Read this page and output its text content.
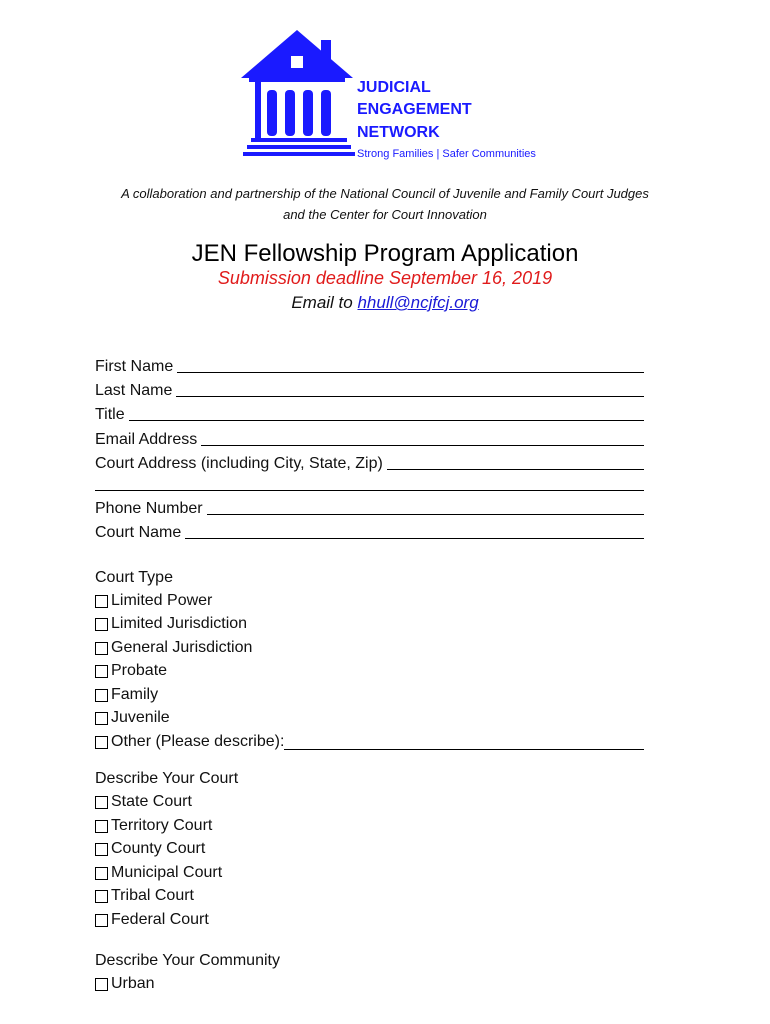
JUDICIAL
ENGAGEMENT
NETWORK
Strong Families | Safer Communities
A collaboration and partnership of the National Council of Juvenile and Family Court Judges
and the Center for Court Innovation
JEN Fellowship Program Application
Submission deadline September 16, 2019
Email to hhull@ncjfcj.org
First Name
Last Name
Title
Email Address
Court Address (including City, State, Zip)
Phone Number
Court Name
Court Type
Limited Power
Limited Jurisdiction
General Jurisdiction
Probate
Family
Juvenile
Other (Please describe):
Describe Your Court
State Court
Territory Court
County Court
Municipal Court
Tribal Court
Federal Court
Describe Your Community
Urban
